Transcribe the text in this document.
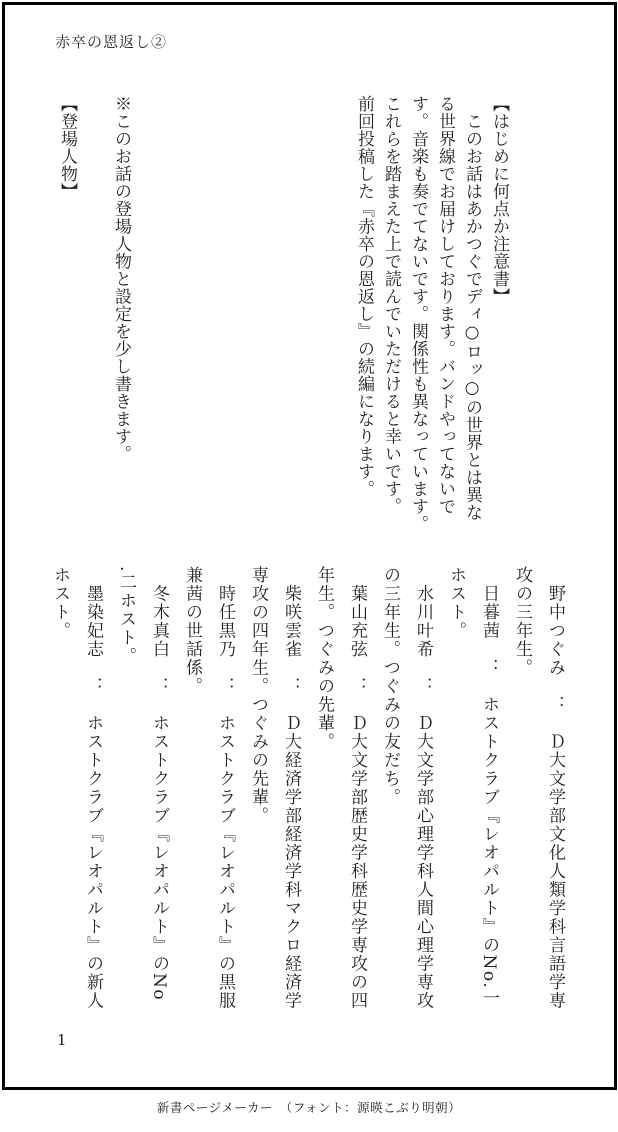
赤卒の恩返し②
【はじめに何点か注意書】
　このお話はあかつぐでディ○ロッ○の世界とは異な
る世界線でお届けしております。バンドやってないで
す。音楽も奏でてないです。関係性も異なっています。
これらを踏まえた上で読んでいただけると幸いです。
前回投稿した『赤卒の恩返し』の続編になります。

※このお話の登場人物と設定を少し書きます。

【登場人物】
　野中つぐみ　：　Ｄ大文学部文化人類学科言語学専
攻の三年生。
　日暮茜　：　ホストクラブ『レオパルト』のNo.一
ホスト。
　水川叶希　：　Ｄ大文学部心理学科人間心理学専攻
の三年生。つぐみの友だち。
　葉山充弦　：　Ｄ大文学部歴史学科歴史学専攻の四
年生。つぐみの先輩。
　柴咲雲雀　：　Ｄ大経済学部経済学科マクロ経済学
専攻の四年生。つぐみの先輩。
　時任黒乃　：　ホストクラブ『レオパルト』の黒服
兼茜の世話係。
　冬木真白　：　ホストクラブ『レオパルト』のNo
.二ホスト。
　墨染妃志　：　ホストクラブ『レオパルト』の新人
ホスト。
1
新書ページメーカー　（フォント：源暎こぶり明朝）
